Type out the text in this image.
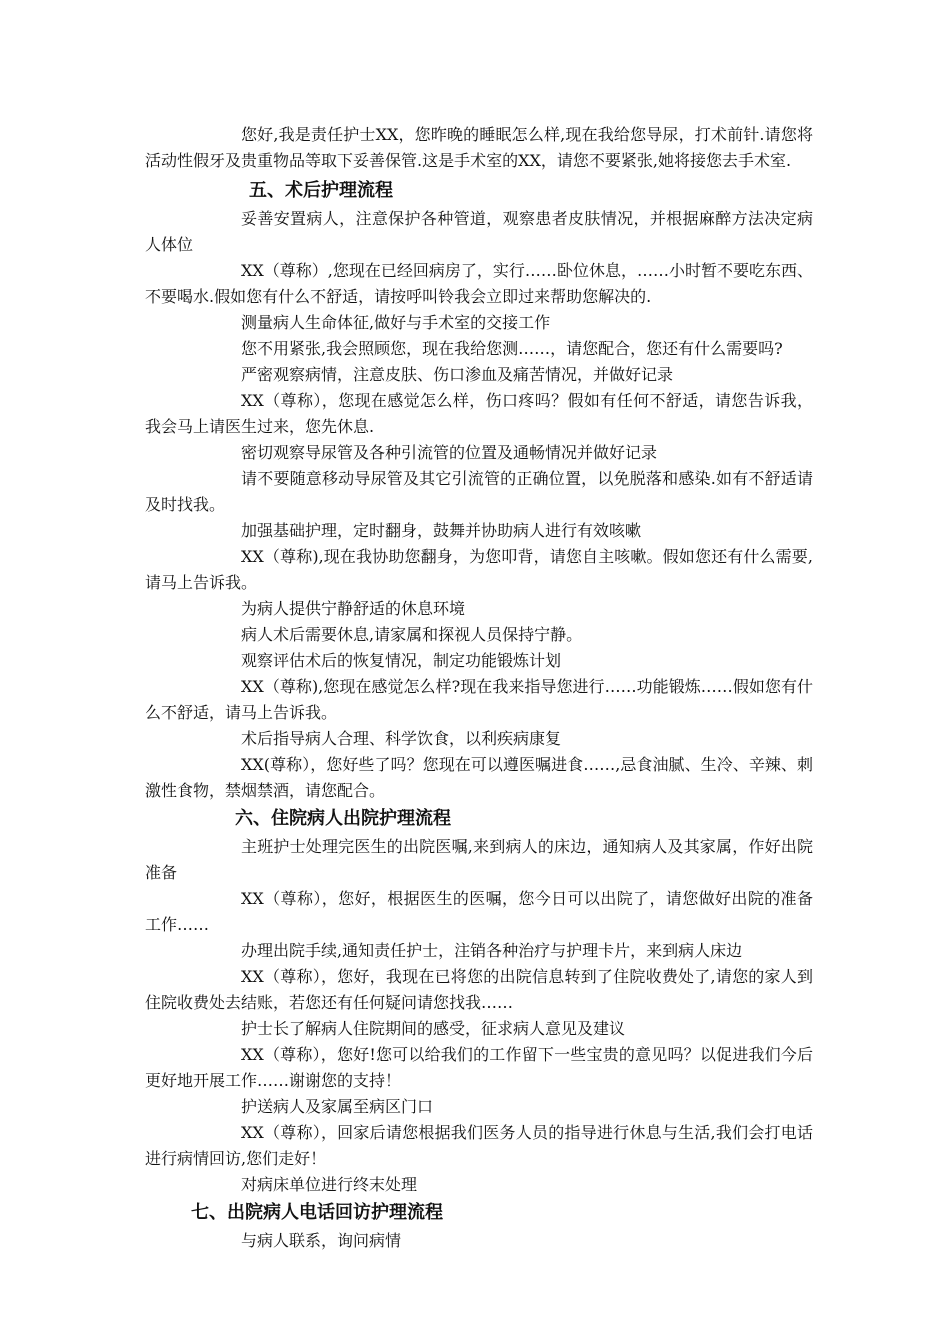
您好,我是责任护士XX，您昨晚的睡眠怎么样,现在我给您导尿，打术前针.请您将活动性假牙及贵重物品等取下妥善保管.这是手术室的XX，请您不要紧张,她将接您去手术室.

五、术后护理流程

妥善安置病人，注意保护各种管道，观察患者皮肤情况，并根据麻醉方法决定病人体位

XX（尊称）,您现在已经回病房了，实行……卧位休息，……小时暂不要吃东西、不要喝水.假如您有什么不舒适，请按呼叫铃我会立即过来帮助您解决的.

测量病人生命体征,做好与手术室的交接工作

您不用紧张,我会照顾您，现在我给您测……，请您配合，您还有什么需要吗?

严密观察病情，注意皮肤、伤口渗血及痛苦情况，并做好记录

XX（尊称），您现在感觉怎么样，伤口疼吗？假如有任何不舒适，请您告诉我，我会马上请医生过来，您先休息.

密切观察导尿管及各种引流管的位置及通畅情况并做好记录

请不要随意移动导尿管及其它引流管的正确位置，以免脱落和感染.如有不舒适请及时找我。

加强基础护理，定时翻身，鼓舞并协助病人进行有效咳嗽

XX（尊称),现在我协助您翻身，为您叩背，请您自主咳嗽。假如您还有什么需要,请马上告诉我。

为病人提供宁静舒适的休息环境

病人术后需要休息,请家属和探视人员保持宁静。

观察评估术后的恢复情况，制定功能锻炼计划

XX（尊称),您现在感觉怎么样?现在我来指导您进行……功能锻炼……假如您有什么不舒适，请马上告诉我。

术后指导病人合理、科学饮食，以利疾病康复

XX(尊称），您好些了吗？您现在可以遵医嘱进食……,忌食油腻、生冷、辛辣、刺激性食物，禁烟禁酒，请您配合。

六、住院病人出院护理流程

主班护士处理完医生的出院医嘱,来到病人的床边，通知病人及其家属，作好出院准备

XX（尊称），您好，根据医生的医嘱，您今日可以出院了，请您做好出院的准备工作……

办理出院手续,通知责任护士，注销各种治疗与护理卡片，来到病人床边

XX（尊称），您好，我现在已将您的出院信息转到了住院收费处了,请您的家人到住院收费处去结账，若您还有任何疑问请您找我……

护士长了解病人住院期间的感受，征求病人意见及建议

XX（尊称），您好!您可以给我们的工作留下一些宝贵的意见吗？以促进我们今后更好地开展工作……谢谢您的支持！

护送病人及家属至病区门口

XX（尊称），回家后请您根据我们医务人员的指导进行休息与生活,我们会打电话进行病情回访,您们走好！

对病床单位进行终末处理

七、出院病人电话回访护理流程

与病人联系，询问病情
